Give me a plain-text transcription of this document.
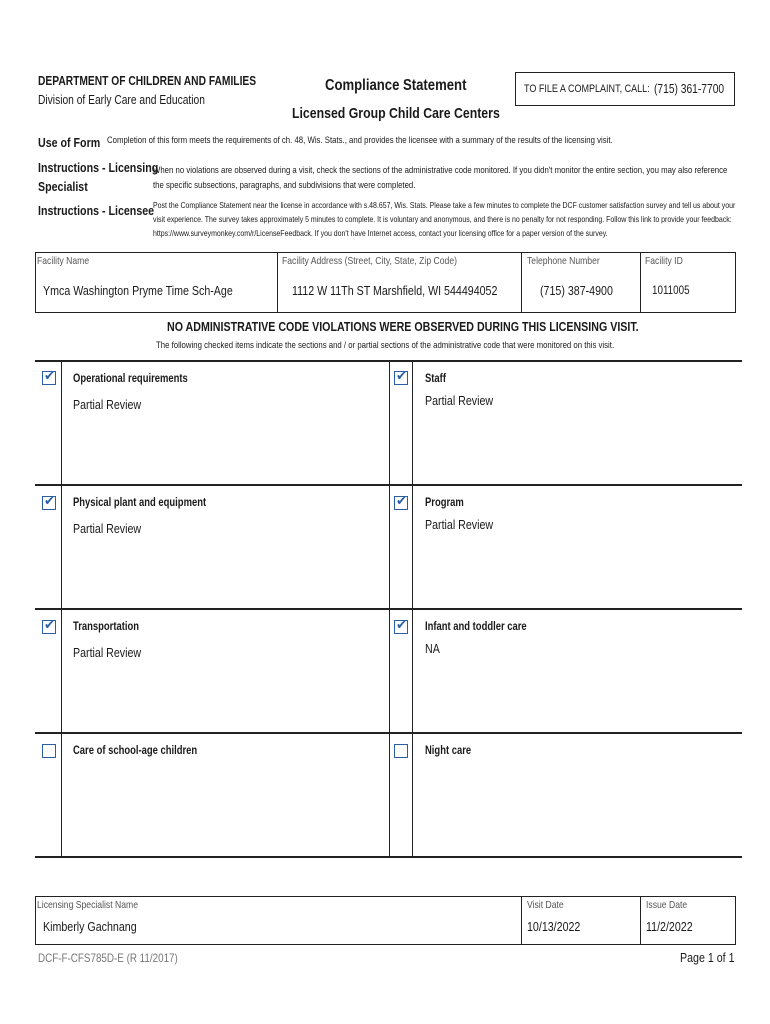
DEPARTMENT OF CHILDREN AND FAMILIES
Division of Early Care and Education
Compliance Statement
Licensed Group Child Care Centers
TO FILE A COMPLAINT, CALL: (715) 361-7700
Use of Form Completion of this form meets the requirements of ch. 48, Wis. Stats., and provides the licensee with a summary of the results of the licensing visit.
Instructions - Licensing
Specialist
When no violations are observed during a visit, check the sections of the administrative code monitored. If you didn't monitor the entire section, you may also reference
the specific subsections, paragraphs, and subdivisions that were completed.
Instructions - Licensee
Post the Compliance Statement near the license in accordance with s.48.657, Wis. Stats. Please take a few minutes to complete the DCF customer satisfaction survey and tell us about your
visit experience. The survey takes approximately 5 minutes to complete. It is voluntary and anonymous, and there is no penalty for not responding. Follow this link to provide your feedback:
https://www.surveymonkey.com/r/LicenseFeedback. If you don't have Internet access, contact your licensing office for a paper version of the survey.
Facility Name
Ymca Washington Pryme Time Sch-Age
Facility Address (Street, City, State, Zip Code)
1112 W 11Th ST Marshfield, WI 544494052
Telephone Number
(715) 387-4900
Facility ID
1011005
NO ADMINISTRATIVE CODE VIOLATIONS WERE OBSERVED DURING THIS LICENSING VISIT.
The following checked items indicate the sections and / or partial sections of the administrative code that were monitored on this visit.
✔ Operational requirements
Partial Review
✔ Staff
Partial Review
✔ Physical plant and equipment
Partial Review
✔ Program
Partial Review
✔ Transportation
Partial Review
✔ Infant and toddler care
NA
Care of school-age children	Night care
Licensing Specialist Name
Kimberly Gachnang
Visit Date
10/13/2022
Issue Date
11/2/2022
DCF-F-CFS785D-E (R 11/2017)	Page 1 of 1
